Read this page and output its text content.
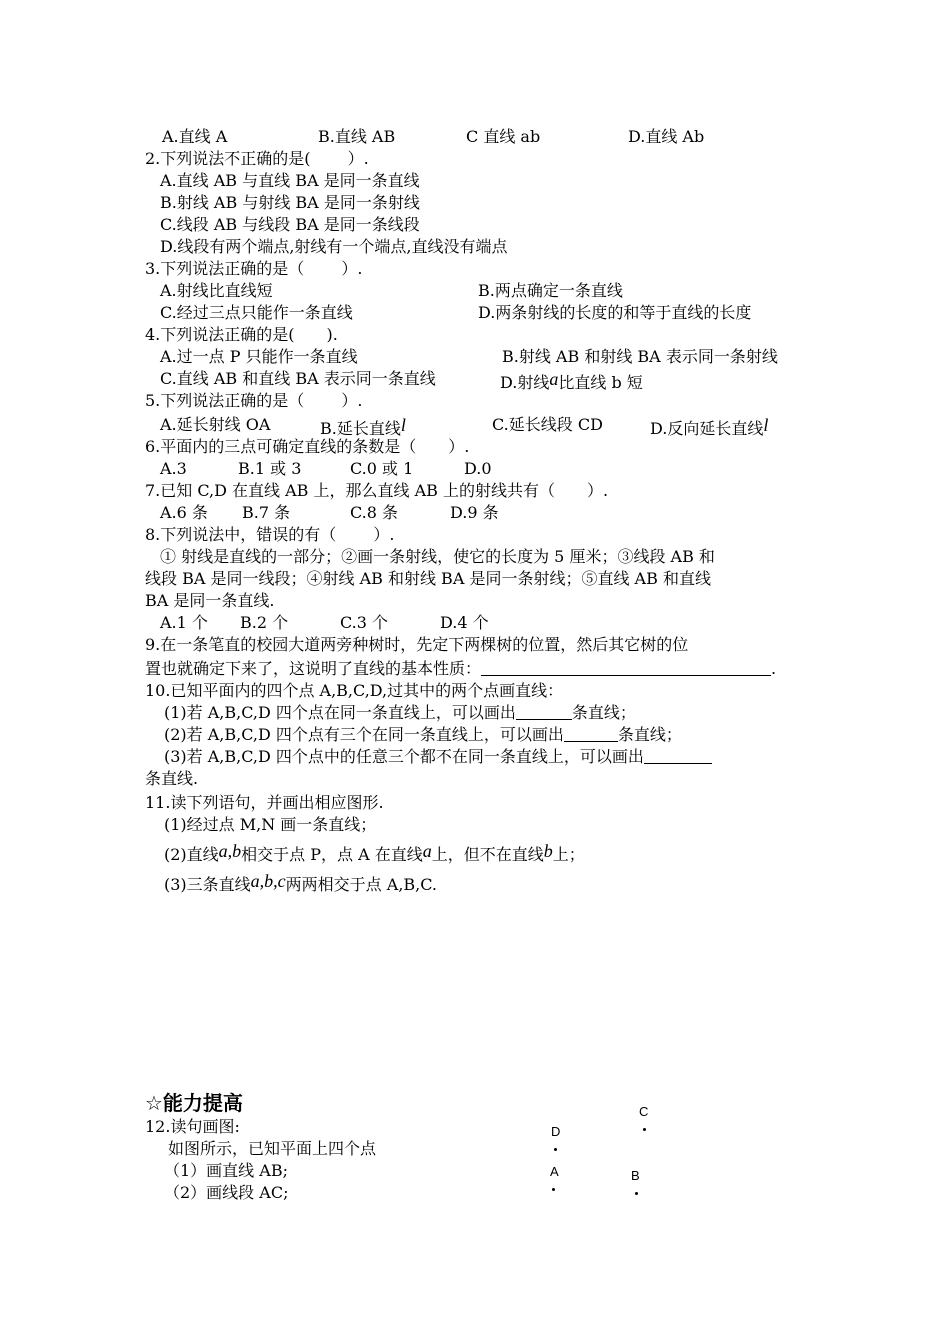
A.直线 A	B.直线 AB	C 直线 ab	D.直线 Ab
2.下列说法不正确的是(　　 ）.
A.直线 AB 与直线 BA 是同一条直线
B.射线 AB 与射线 BA 是同一条射线
C.线段 AB 与线段 BA 是同一条线段
D.线段有两个端点,射线有一个端点,直线没有端点
3.下列说法正确的是（　　 ）.
A.射线比直线短	B.两点确定一条直线
C.经过三点只能作一条直线	D.两条射线的长度的和等于直线的长度
4.下列说法正确的是(　　).
A.过一点 P 只能作一条直线	B.射线 AB 和射线 BA 表示同一条射线
C.直线 AB 和直线 BA 表示同一条直线	D.射线a比直线 b 短
5.下列说法正确的是（　　 ）.
A.延长射线 OA	B.延长直线l	C.延长线段 CD	D.反向延长直线l
6.平面内的三点可确定直线的条数是（　　）.
A.3	B.1 或 3	C.0 或 1	D.0
7.已知 C,D 在直线 AB 上，那么直线 AB 上的射线共有（　　）.
A.6 条 B.7 条	C.8 条	D.9 条
8.下列说法中，错误的有（　　 ）.
① 射线是直线的一部分；②画一条射线，使它的长度为 5 厘米；③线段 AB 和
线段 BA 是同一线段；④射线 AB 和射线 BA 是同一条射线；⑤直线 AB 和直线
BA 是同一条直线.
A.1 个 B.2 个	C.3 个	D.4 个
9.在一条笔直的校园大道两旁种树时，先定下两棵树的位置，然后其它树的位
置也就确定下来了，这说明了直线的基本性质：	.
10.已知平面内的四个点 A,B,C,D,过其中的两个点画直线：
(1)若 A,B,C,D 四个点在同一条直线上，可以画出	条直线；
(2)若 A,B,C,D 四个点有三个在同一条直线上，可以画出	条直线；
(3)若 A,B,C,D 四个点中的任意三个都不在同一条直线上，可以画出
条直线.
11.读下列语句，并画出相应图形.
(1)经过点 M,N 画一条直线；
(2)直线a,b相交于点 P，点 A 在直线a上，但不在直线b上；
(3)三条直线a,b,c两两相交于点 A,B,C.
☆能力提高
12.读句画图:
如图所示，已知平面上四个点
（1）画直线 AB;
（2）画线段 AC;
C
D
A	B
